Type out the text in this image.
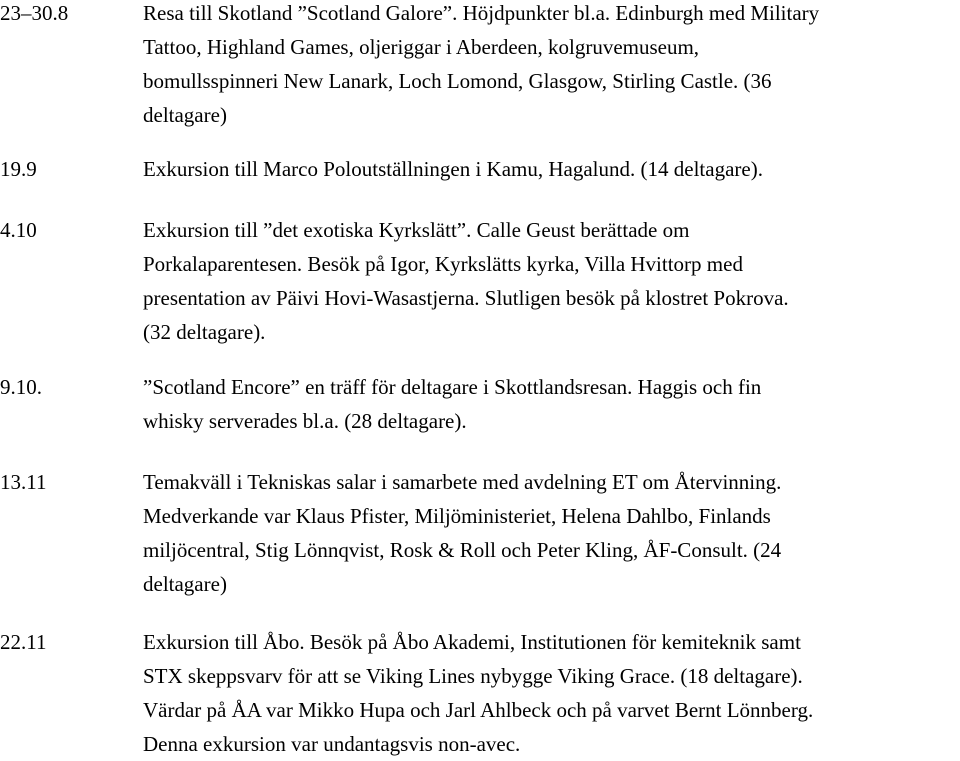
23–30.8	Resa till Skotland ”Scotland Galore”. Höjdpunkter bl.a. Edinburgh med Military
Tattoo, Highland Games, oljeriggar i Aberdeen, kolgruvemuseum,
bomullsspinneri New Lanark, Loch Lomond, Glasgow, Stirling Castle. (36
deltagare)
19.9	Exkursion till Marco Poloutställningen i Kamu, Hagalund. (14 deltagare).
4.10	Exkursion till ”det exotiska Kyrkslätt”. Calle Geust berättade om
Porkalaparentesen. Besök på Igor, Kyrkslätts kyrka, Villa Hvittorp med
presentation av Päivi Hovi-Wasastjerna. Slutligen besök på klostret Pokrova.
(32 deltagare).
9.10.	”Scotland Encore” en träff för deltagare i Skottlandsresan. Haggis och fin
whisky serverades bl.a. (28 deltagare).
13.11	Temakväll i Tekniskas salar i samarbete med avdelning ET om Återvinning.
Medverkande var Klaus Pfister, Miljöministeriet, Helena Dahlbo, Finlands
miljöcentral, Stig Lönnqvist, Rosk & Roll och Peter Kling, ÅF-Consult. (24
deltagare)
22.11	Exkursion till Åbo. Besök på Åbo Akademi, Institutionen för kemiteknik samt
STX skeppsvarv för att se Viking Lines nybygge Viking Grace. (18 deltagare).
Värdar på ÅA var Mikko Hupa och Jarl Ahlbeck och på varvet Bernt Lönnberg.
Denna exkursion var undantagsvis non-avec.
